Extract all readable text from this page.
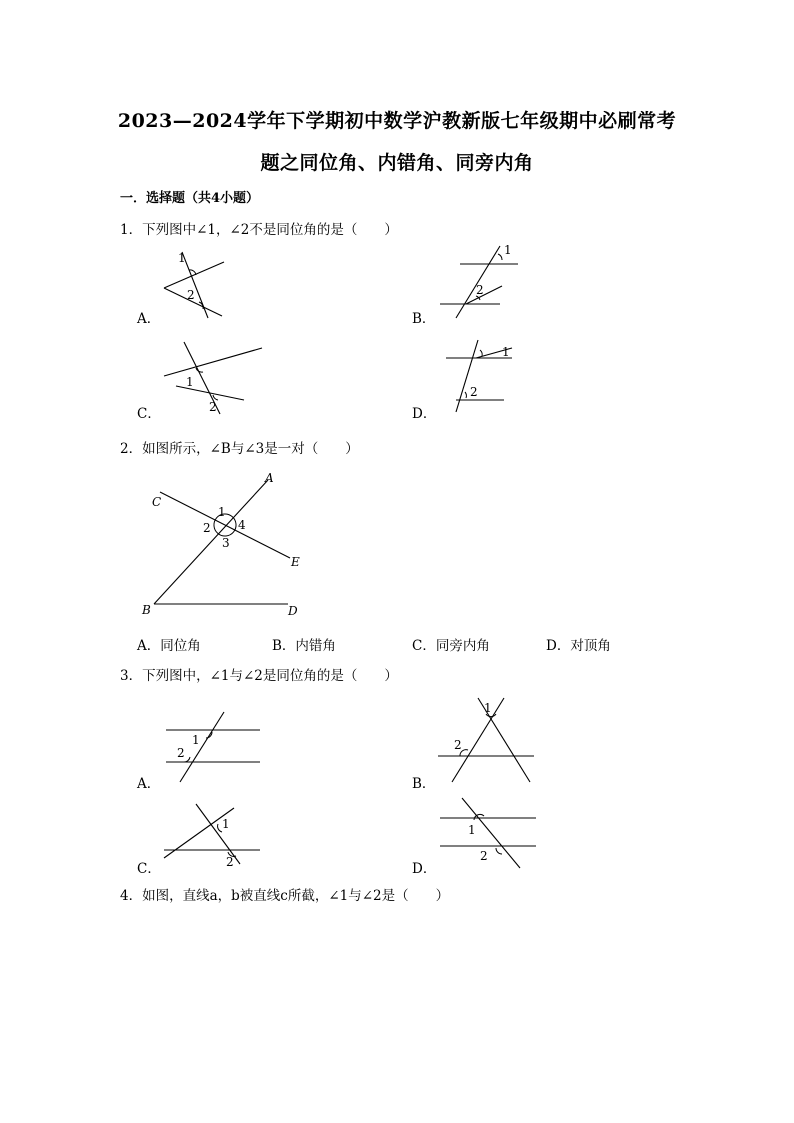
2023—2024学年下学期初中数学沪教新版七年级期中必刷常考
题之同位角、内错角、同旁内角
一．选择题（共4小题）
1．下列图中∠1，∠2不是同位角的是（　　）
1
2
A．
1
2
B．
1
2
C．
1
2
D．
2．如图所示，∠B与∠3是一对（　　）
C
A
E
B	D
1
2
3
4
A．同位角	B．内错角	C．同旁内角	D．对顶角
3．下列图中，∠1与∠2是同位角的是（　　）
1
2
A．
1
2
B．
1
2
C．
1
2
D．
4．如图，直线a，b被直线c所截，∠1与∠2是（　　）
